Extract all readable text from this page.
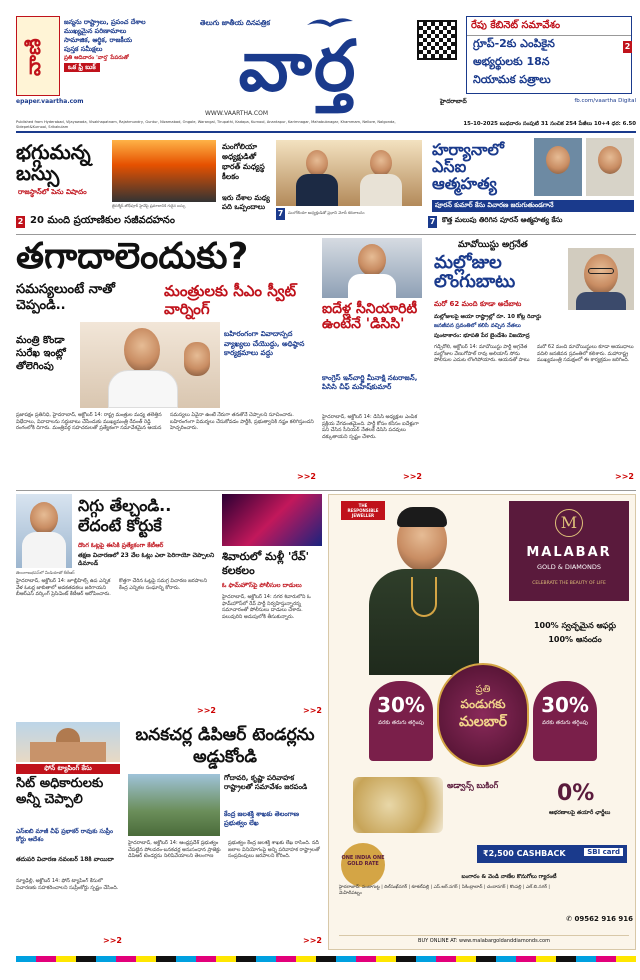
వాణి
జన్మను రాష్ట్రాలు, ప్రపంచ దేశాల
ముఖ్యమైన పరిణామాలు
సామాజిక, ఆర్థిక, రాజకీయ
పుస్తక సమీక్షలు
ప్రతి ఆదివారం 'వార్త' పేపరుతో
ఒక ఫ్రీ బుక్
epaper.vaartha.com
WWW.VAARTHA.COM
తెలుగు జాతీయ దినపత్రిక
వార్త	రేపు కేబినెట్ సమావేశం
గ్రూప్-2కు ఎంపికైన
అభ్యర్థులకు 18న
నియామక పత్రాలు
2
హైదరాబాద్	fb.com/vaartha Digital
Published from Hyderabad, Vijayawada, Visakhapatnam, Rajahmundry, Guntur, Nizamabad, Ongole, Warangal, Tirupathi, Kadapa, Kurnool, Anantapur, Karimnagar, Mahabubnagar, Khammam, Nellore, Nalgonda, Sidepet&Kurnool, Srikakulam	15-10-2025 బుధవారం సంపుటి 31 సంచిక 254 పేజీలు 10+4 ధర: 6.50
భగ్గుమన్న బస్సు
రాజస్థాన్‌లో పెను విషాదం
జైసల్మేర్-జోధ్‌పూర్ హైవేపై ప్రమాదానికి గురైన బస్సు
20 మంది ప్రయాణికుల సజీవదహనం
2
మంగోలియా అధ్యక్షుడితో భారత్ మధ్యస్థ కీలకం
ఇరు దేశాల మధ్య పది ఒప్పందాలు
7	మంగోలియా అధ్యక్షుడితో ప్రధాని మోదీ కరచాలనం
హర్యానాలో ఎస్ఐ ఆత్మహత్య
పూరన్ కుమార్ కేసు విచారణ జరుగుతుండగానే
కొత్త మలుపు తిరిగిన పూరన్ ఆత్మహత్య కేసు
7
తగాదాలెందుకు?
సమస్యలుంటే నాతో చెప్పండి..
మంత్రులకు సీఎం స్వీట్ వార్నింగ్
మంత్రి కొండా సురేఖ ఇంట్లో తోలెగింపు
బహిరంగంగా వివాదాస్పద వ్యాఖ్యలు చేయొద్దు, అధిష్ఠాన కార్యక్రమాలు వద్దు
ప్రజాపక్షం ప్రతినిధి, హైదరాబాద్, అక్టోబర్ 14: రాష్ట్ర మంత్రుల మధ్య తలెత్తిన విభేదాలు, వివాదాలను సర్దుబాటు చేసేందుకు ముఖ్యమంత్రి రేవంత్ రెడ్డి రంగంలోకి దిగారు. మంత్రివర్గ సహచరులతో ప్రత్యేకంగా సమావేశమైన ఆయన సమస్యలు ఏవైనా ఉంటే నేరుగా తనతోనే చెప్పాలని సూచించారు. బహిరంగంగా విమర్శలు చేసుకోవడం పార్టీకి, ప్రభుత్వానికి నష్టం కలిగిస్తుందని హెచ్చరించారు.
>>2
ఐదేళ్ల సీనియారిటీ ఉంటేనే 'డిసిసి'
కాంగ్రెస్ ఇన్‌చార్జి మీనాక్షి నటరాజన్, పిసిసి చీఫ్ మహేష్‌కుమార్
హైదరాబాద్, అక్టోబర్ 14: డిసిసి అధ్యక్షుల ఎంపిక ప్రక్రియ వేగవంతమైంది. పార్టీ కోసం కనీసం ఐదేళ్లుగా పని చేసిన సీనియర్ నేతలకే డిసిసి పదవులు దక్కుతాయని స్పష్టం చేశారు.
>>2
మావోయిస్టు అగ్రనేత
మల్లోజుల లొంగుబాటు
మరో 62 మంది కూడా అదేబాట
మల్లోజులపై ఆయా రాష్ట్రాల్లో రూ. 10 కోట్ల రివార్డు
జనజీవన స్రవంతిలో కలిసి వచ్చిన నేతలు
పుంటాకారం: భూపతి పేర బైండేశెం విజయోద్ర
గడ్చిరోలి, అక్టోబర్ 14: మావోయిస్టు పార్టీ అగ్రనేత మల్లోజుల వేణుగోపాల్ రావు అలియాస్ సోను పోలీసుల ఎదుట లొంగిపోయారు. ఆయనతో పాటు మరో 62 మంది మావోయిస్టులు కూడా ఆయుధాలు వదిలి జనజీవన స్రవంతిలో కలిశారు. మహారాష్ట్ర ముఖ్యమంత్రి సమక్షంలో ఈ కార్యక్రమం జరిగింది.
>>2
నిగ్గు తేల్చండి.. లేదంటే కోర్టుకే
దొంగ ఓట్లపై ఈసికి ప్రత్యేకంగా కేటీఆర్
తెలంగాణభవన్‌లో మీడియాతో కేటీఆర్
తక్షణ విచారణలో 23 వేల ఓట్లు ఎలా పెరిగాయో చెప్పాలని డిమాండ్
హైదరాబాద్, అక్టోబర్ 14: జూబ్లీహిల్స్ ఉప ఎన్నిక వేళ ఓటర్ల జాబితాలో అవకతవకలు జరిగాయని బీఆర్ఎస్ వర్కింగ్ ప్రెసిడెంట్ కేటీఆర్ ఆరోపించారు. కొత్తగా చేరిన ఓట్లపై సమగ్ర విచారణ జరపాలని కేంద్ర ఎన్నికల సంఘాన్ని కోరారు.
>>2
శివారులో మళ్లీ 'రేవ్' కలకలం
ఓ ఫామ్‌హౌస్‌పై పోలీసుల దాడులు
హైదరాబాద్, అక్టోబర్ 14: నగర శివారులోని ఓ ఫామ్‌హౌస్‌లో రేవ్ పార్టీ నిర్వహిస్తున్నారన్న సమాచారంతో పోలీసులు దాడులు చేశారు. పలువురిని అదుపులోకి తీసుకున్నారు.
>>2
ఫోన్ ట్యాపింగ్ కేసు
సిట్ అధికారులకు అన్నీ చెప్పాలి
ఎస్ఐబి మాజీ చీఫ్ ప్రభాకర్ రావుకు సుప్రీం కోర్టు ఆదేశం
తదుపరి విచారణ నవంబర్ 18కి వాయిదా
న్యూఢిల్లీ, అక్టోబర్ 14: ఫోన్ ట్యాపింగ్ కేసులో విచారణకు సహకరించాలని సుప్రీంకోర్టు స్పష్టం చేసింది.
>>2
బనకచర్ల డిపిఆర్ టెండర్లను అడ్డుకోండి
గోదావరి, కృష్ణా పరివాహక రాష్ట్రాలతో సమావేశం జరపండి
కేంద్ర జలశక్తి శాఖకు తెలంగాణ ప్రభుత్వం లేఖ
హైదరాబాద్, అక్టోబర్ 14: ఆంధ్రప్రదేశ్ ప్రభుత్వం చేపట్టిన పోలవరం-బనకచర్ల అనుసంధాన ప్రాజెక్టు డిపిఆర్ టెండర్లను నిలిపివేయాలని తెలంగాణ ప్రభుత్వం కేంద్ర జలశక్తి శాఖకు లేఖ రాసింది. నదీ జలాల వినియోగంపై అన్ని పరివాహక రాష్ట్రాలతో సంప్రదింపులు జరపాలని కోరింది.
>>2
THE RESPONSIBLE JEWELLER	M
MALABAR
GOLD & DIAMONDS
CELEBRATE THE BEAUTY OF LIFE
100% స్వచ్ఛమైన ఆఫర్లు
100% ఆనందం
30%
వరకు తరుగు తగ్గింపు
ప్రతి
పండుగకు
మలబార్
30%
వరకు తరుగు తగ్గింపు
అడ్వాన్స్ బుకింగ్	0%
ఆభరణాలపై తయారీ ఛార్జీలు
ONE INDIA ONE GOLD RATE
₹2,500 CASHBACK	SBI card
బంగారం & వెండి నాణేల కొనుగోలు గ్యారంటీ
హైదరాబాద్: పంజాగుట్ట | దిల్‌సుఖ్‌నగర్ | కూకట్‌పల్లి | ఎస్.ఆర్.నగర్ | సికింద్రాబాద్ | చందానగర్ | కొంపల్లి | ఎల్.బి.నగర్ | మెహిదీపట్నం
✆ 09562 916 916
BUY ONLINE AT: www.malabargoldanddiamonds.com
